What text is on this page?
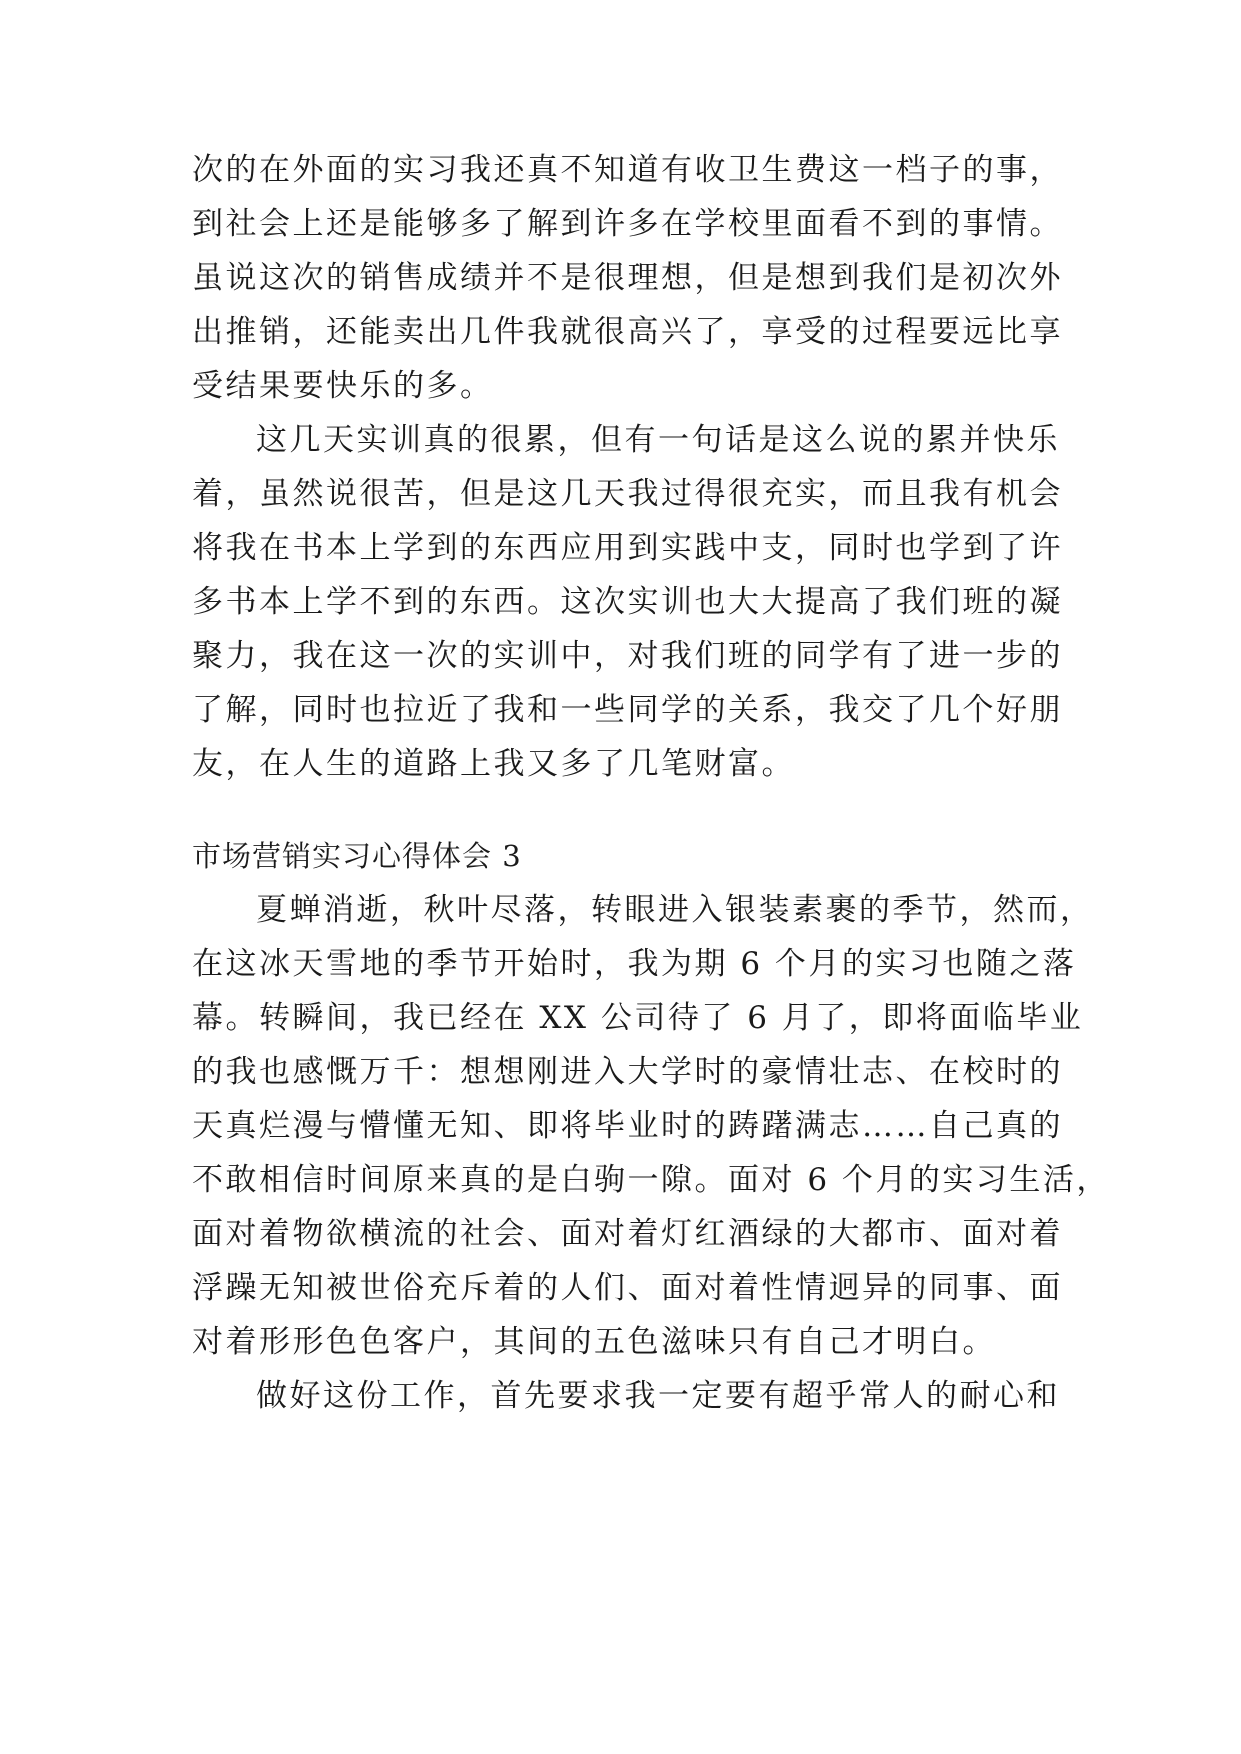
次的在外面的实习我还真不知道有收卫生费这一档子的事，
到社会上还是能够多了解到许多在学校里面看不到的事情。
虽说这次的销售成绩并不是很理想，但是想到我们是初次外
出推销，还能卖出几件我就很高兴了，享受的过程要远比享
受结果要快乐的多。
这几天实训真的很累，但有一句话是这么说的累并快乐
着，虽然说很苦，但是这几天我过得很充实，而且我有机会
将我在书本上学到的东西应用到实践中支，同时也学到了许
多书本上学不到的东西。这次实训也大大提高了我们班的凝
聚力，我在这一次的实训中，对我们班的同学有了进一步的
了解，同时也拉近了我和一些同学的关系，我交了几个好朋
友，在人生的道路上我又多了几笔财富。
市场营销实习心得体会 3
夏蝉消逝，秋叶尽落，转眼进入银装素裹的季节，然而，
在这冰天雪地的季节开始时，我为期 6 个月的实习也随之落
幕。转瞬间，我已经在 XX 公司待了 6 月了，即将面临毕业
的我也感慨万千：想想刚进入大学时的豪情壮志、在校时的
天真烂漫与懵懂无知、即将毕业时的踌躇满志……自己真的
不敢相信时间原来真的是白驹一隙。面对 6 个月的实习生活，
面对着物欲横流的社会、面对着灯红酒绿的大都市、面对着
浮躁无知被世俗充斥着的人们、面对着性情迥异的同事、面
对着形形色色客户，其间的五色滋味只有自己才明白。
做好这份工作，首先要求我一定要有超乎常人的耐心和
